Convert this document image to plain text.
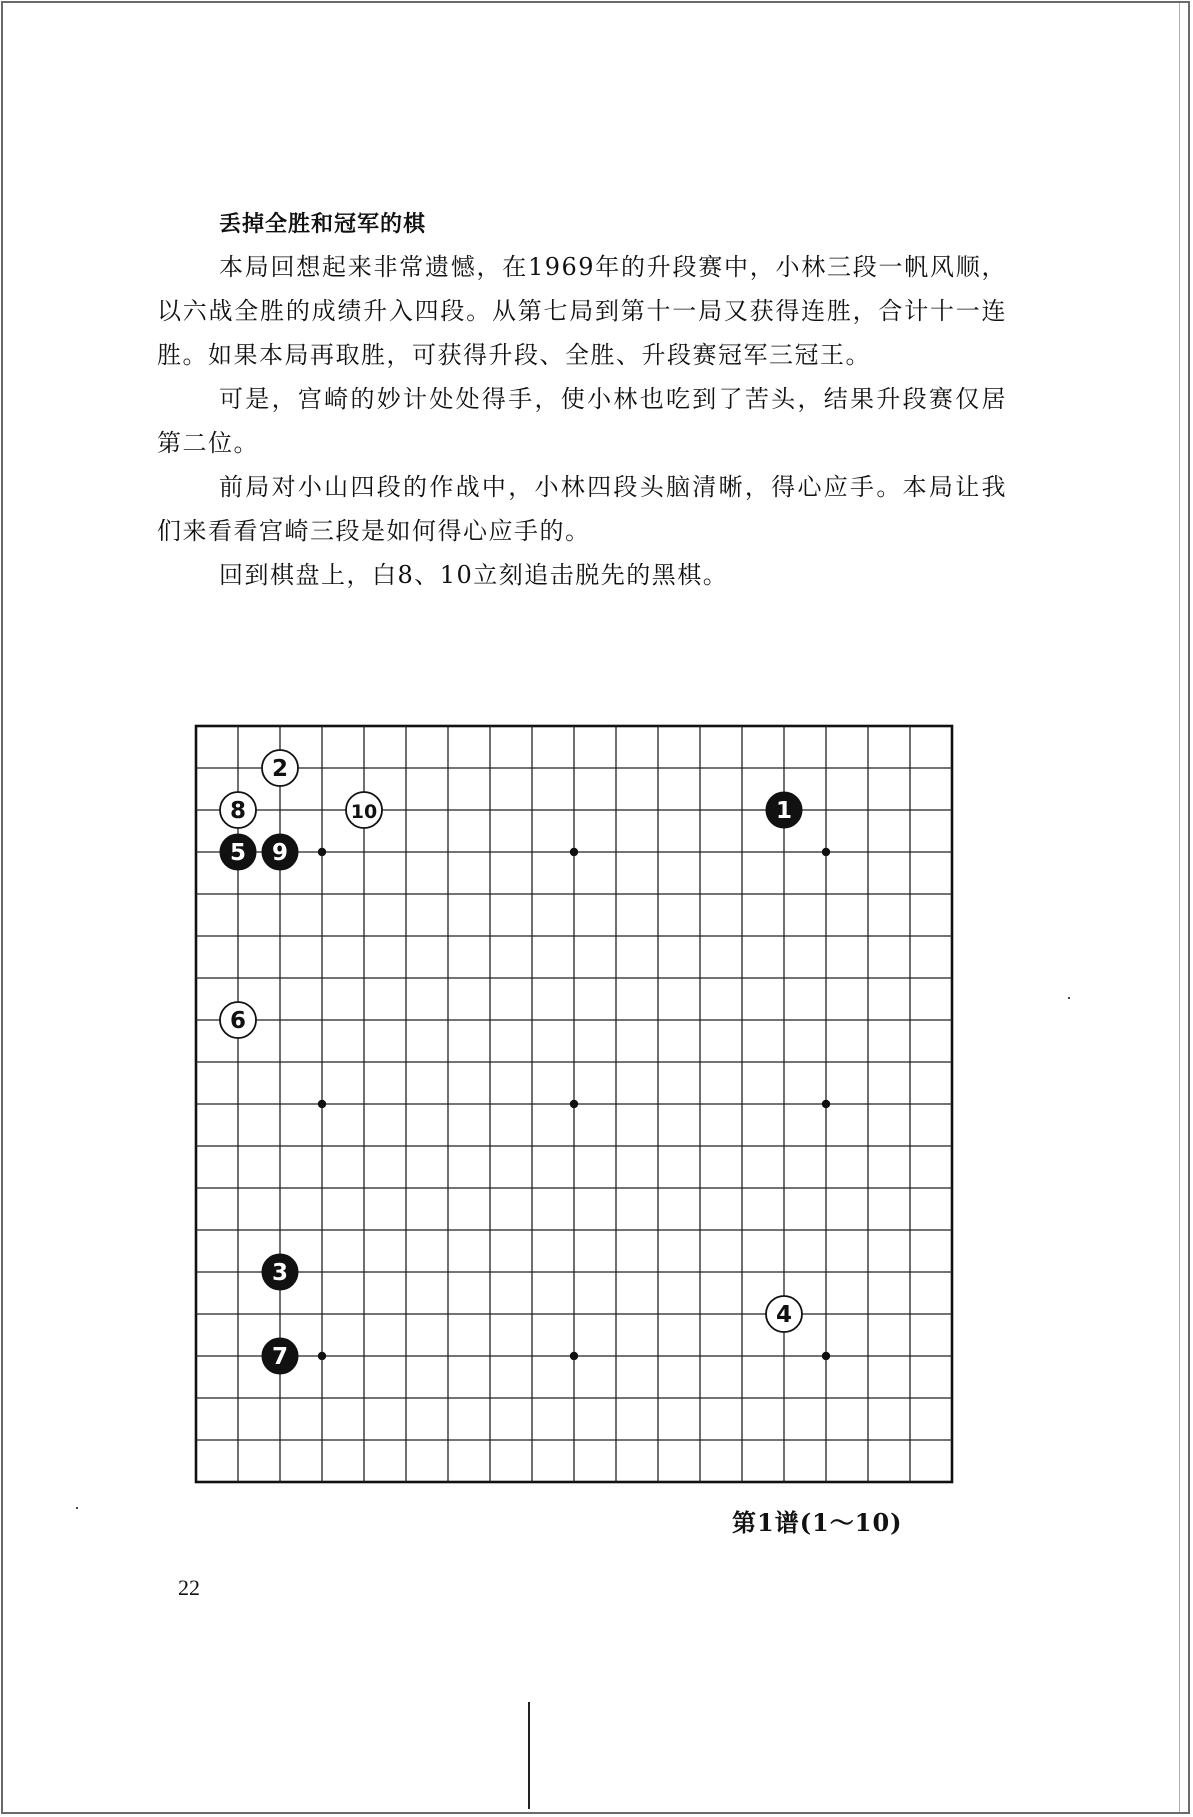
丢掉全胜和冠军的棋

本局回想起来非常遗憾，在1969年的升段赛中，小林三段一帆风顺，以六战全胜的成绩升入四段。从第七局到第十一局又获得连胜，合计十一连胜。如果本局再取胜，可获得升段、全胜、升段赛冠军三冠王。

可是，宫崎的妙计处处得手，使小林也吃到了苦头，结果升段赛仅居第二位。

前局对小山四段的作战中，小林四段头脑清晰，得心应手。本局让我们来看看宫崎三段是如何得心应手的。

回到棋盘上，白8、10立刻追击脱先的黑棋。

1
2
3
4
5
6
7
8
9
10
第1谱(1～10)
22
